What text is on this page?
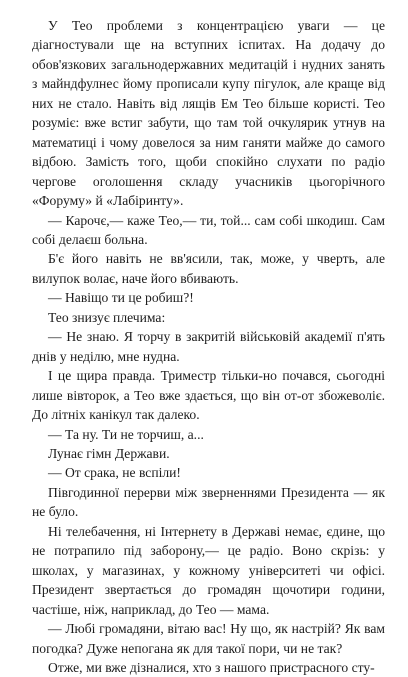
У Тео проблеми з концентрацією уваги — це діагностували ще на вступних іспитах. На додачу до обов'язкових загальнодержавних медитацій і нудних занять з майндфулнес йому прописали купу пігулок, але краще від них не стало. Навіть від лящів Ем Тео більше користі. Тео розуміє: вже встиг забути, що там той очкулярик утнув на математиці і чому довелося за ним ганяти майже до самого відбою. Замість того, щоби спокійно слухати по радіо чергове оголошення складу учасників цьогорічного «Форуму» й «Лабіринту».

— Карочє,— каже Тео,— ти, той... сам собі шкодиш. Сам собі делаєш больна.

Б'є його навіть не вв'ясили, так, може, у чверть, але вилупок волає, наче його вбивають.

— Навіщо ти це робиш?!

Тео знизує плечима:

— Не знаю. Я торчу в закритій військовій академії п'ять днів у неділю, мне нудна.

І це щира правда. Триместр тільки-но почався, сьогодні лише вівторок, а Тео вже здається, що він от-от збожеволіє. До літніх канікул так далеко.

— Та ну. Ти не торчиш, а...

Лунає гімн Держави.

— От срака, не вспіли!

Півгодинної перерви між зверненнями Президента — як не було.

Ні телебачення, ні Інтернету в Державі немає, єдине, що не потрапило під заборону,— це радіо. Воно скрізь: у школах, у магазинах, у кожному університеті чи офісі. Президент звертається до громадян щочотири години, частіше, ніж, наприклад, до Тео — мама.

— Любі громадяни, вітаю вас! Ну що, як настрій? Як вам погодка? Дуже непогана як для такої пори, чи не так?

Отже, ми вже дізналися, хто з нашого пристрасного сту-
